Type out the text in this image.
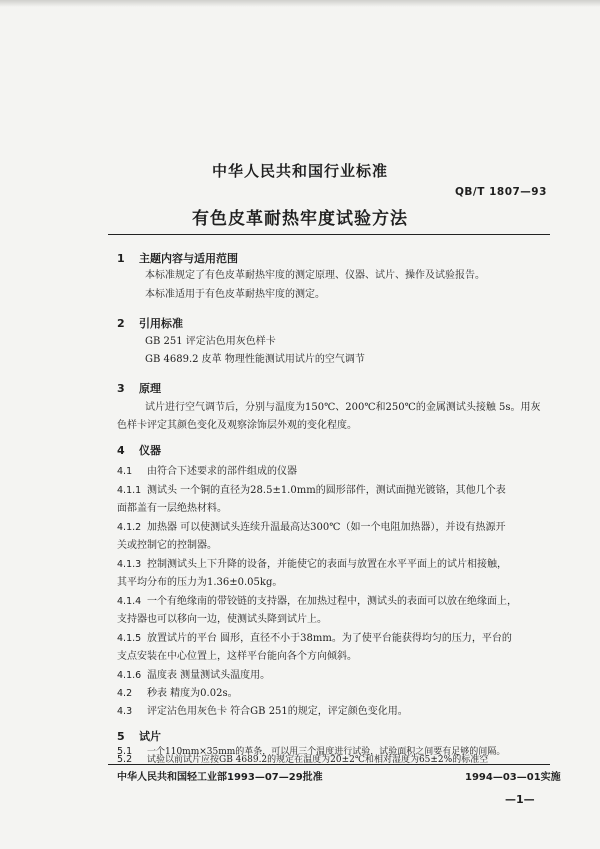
中华人民共和国行业标准
QB/T 1807—93
有色皮革耐热牢度试验方法
1 主题内容与适用范围
本标准规定了有色皮革耐热牢度的测定原理、仪器、试片、操作及试验报告。
本标准适用于有色皮革耐热牢度的测定。
2 引用标准
GB 251 评定沾色用灰色样卡
GB 4689.2 皮革 物理性能测试用试片的空气调节
3 原理
试片进行空气调节后，分别与温度为150℃、200℃和250℃的金属测试头接触 5s。用灰
色样卡评定其颜色变化及观察涂饰层外观的变化程度。
4 仪器
4.1 由符合下述要求的部件组成的仪器
4.1.1 测试头 一个铜的直径为28.5±1.0mm的圆形部件，测试面抛光镀铬，其他几个表
面都盖有一层绝热材料。
4.1.2 加热器 可以使测试头连续升温最高达300℃（如一个电阻加热器），并设有热源开
关或控制它的控制器。
4.1.3 控制测试头上下升降的设备，并能使它的表面与放置在水平平面上的试片相接触，
其平均分布的压力为1.36±0.05kg。
4.1.4 一个有绝缘南的带铰链的支持器，在加热过程中，测试头的表面可以放在绝缘面上，
支持器也可以移向一边，使测试头降到试片上。
4.1.5 放置试片的平台 圆形，直径不小于38mm。为了使平台能获得均匀的压力，平台的
支点安装在中心位置上，这样平台能向各个方向倾斜。
4.1.6 温度表 测量测试头温度用。
4.2 秒表 精度为0.02s。
4.3 评定沾色用灰色卡 符合GB 251的规定，评定颜色变化用。
5 试片
5.1 一个110mm×35mm的革条，可以用三个温度进行试验，试验面积之间要有足够的间隔。
5.2 试验以前试片应按GB 4689.2的规定在温度为20±2℃和相对湿度为65±2%的标准空
中华人民共和国轻工业部1993—07—29批准	1994—03—01实施
—1—
